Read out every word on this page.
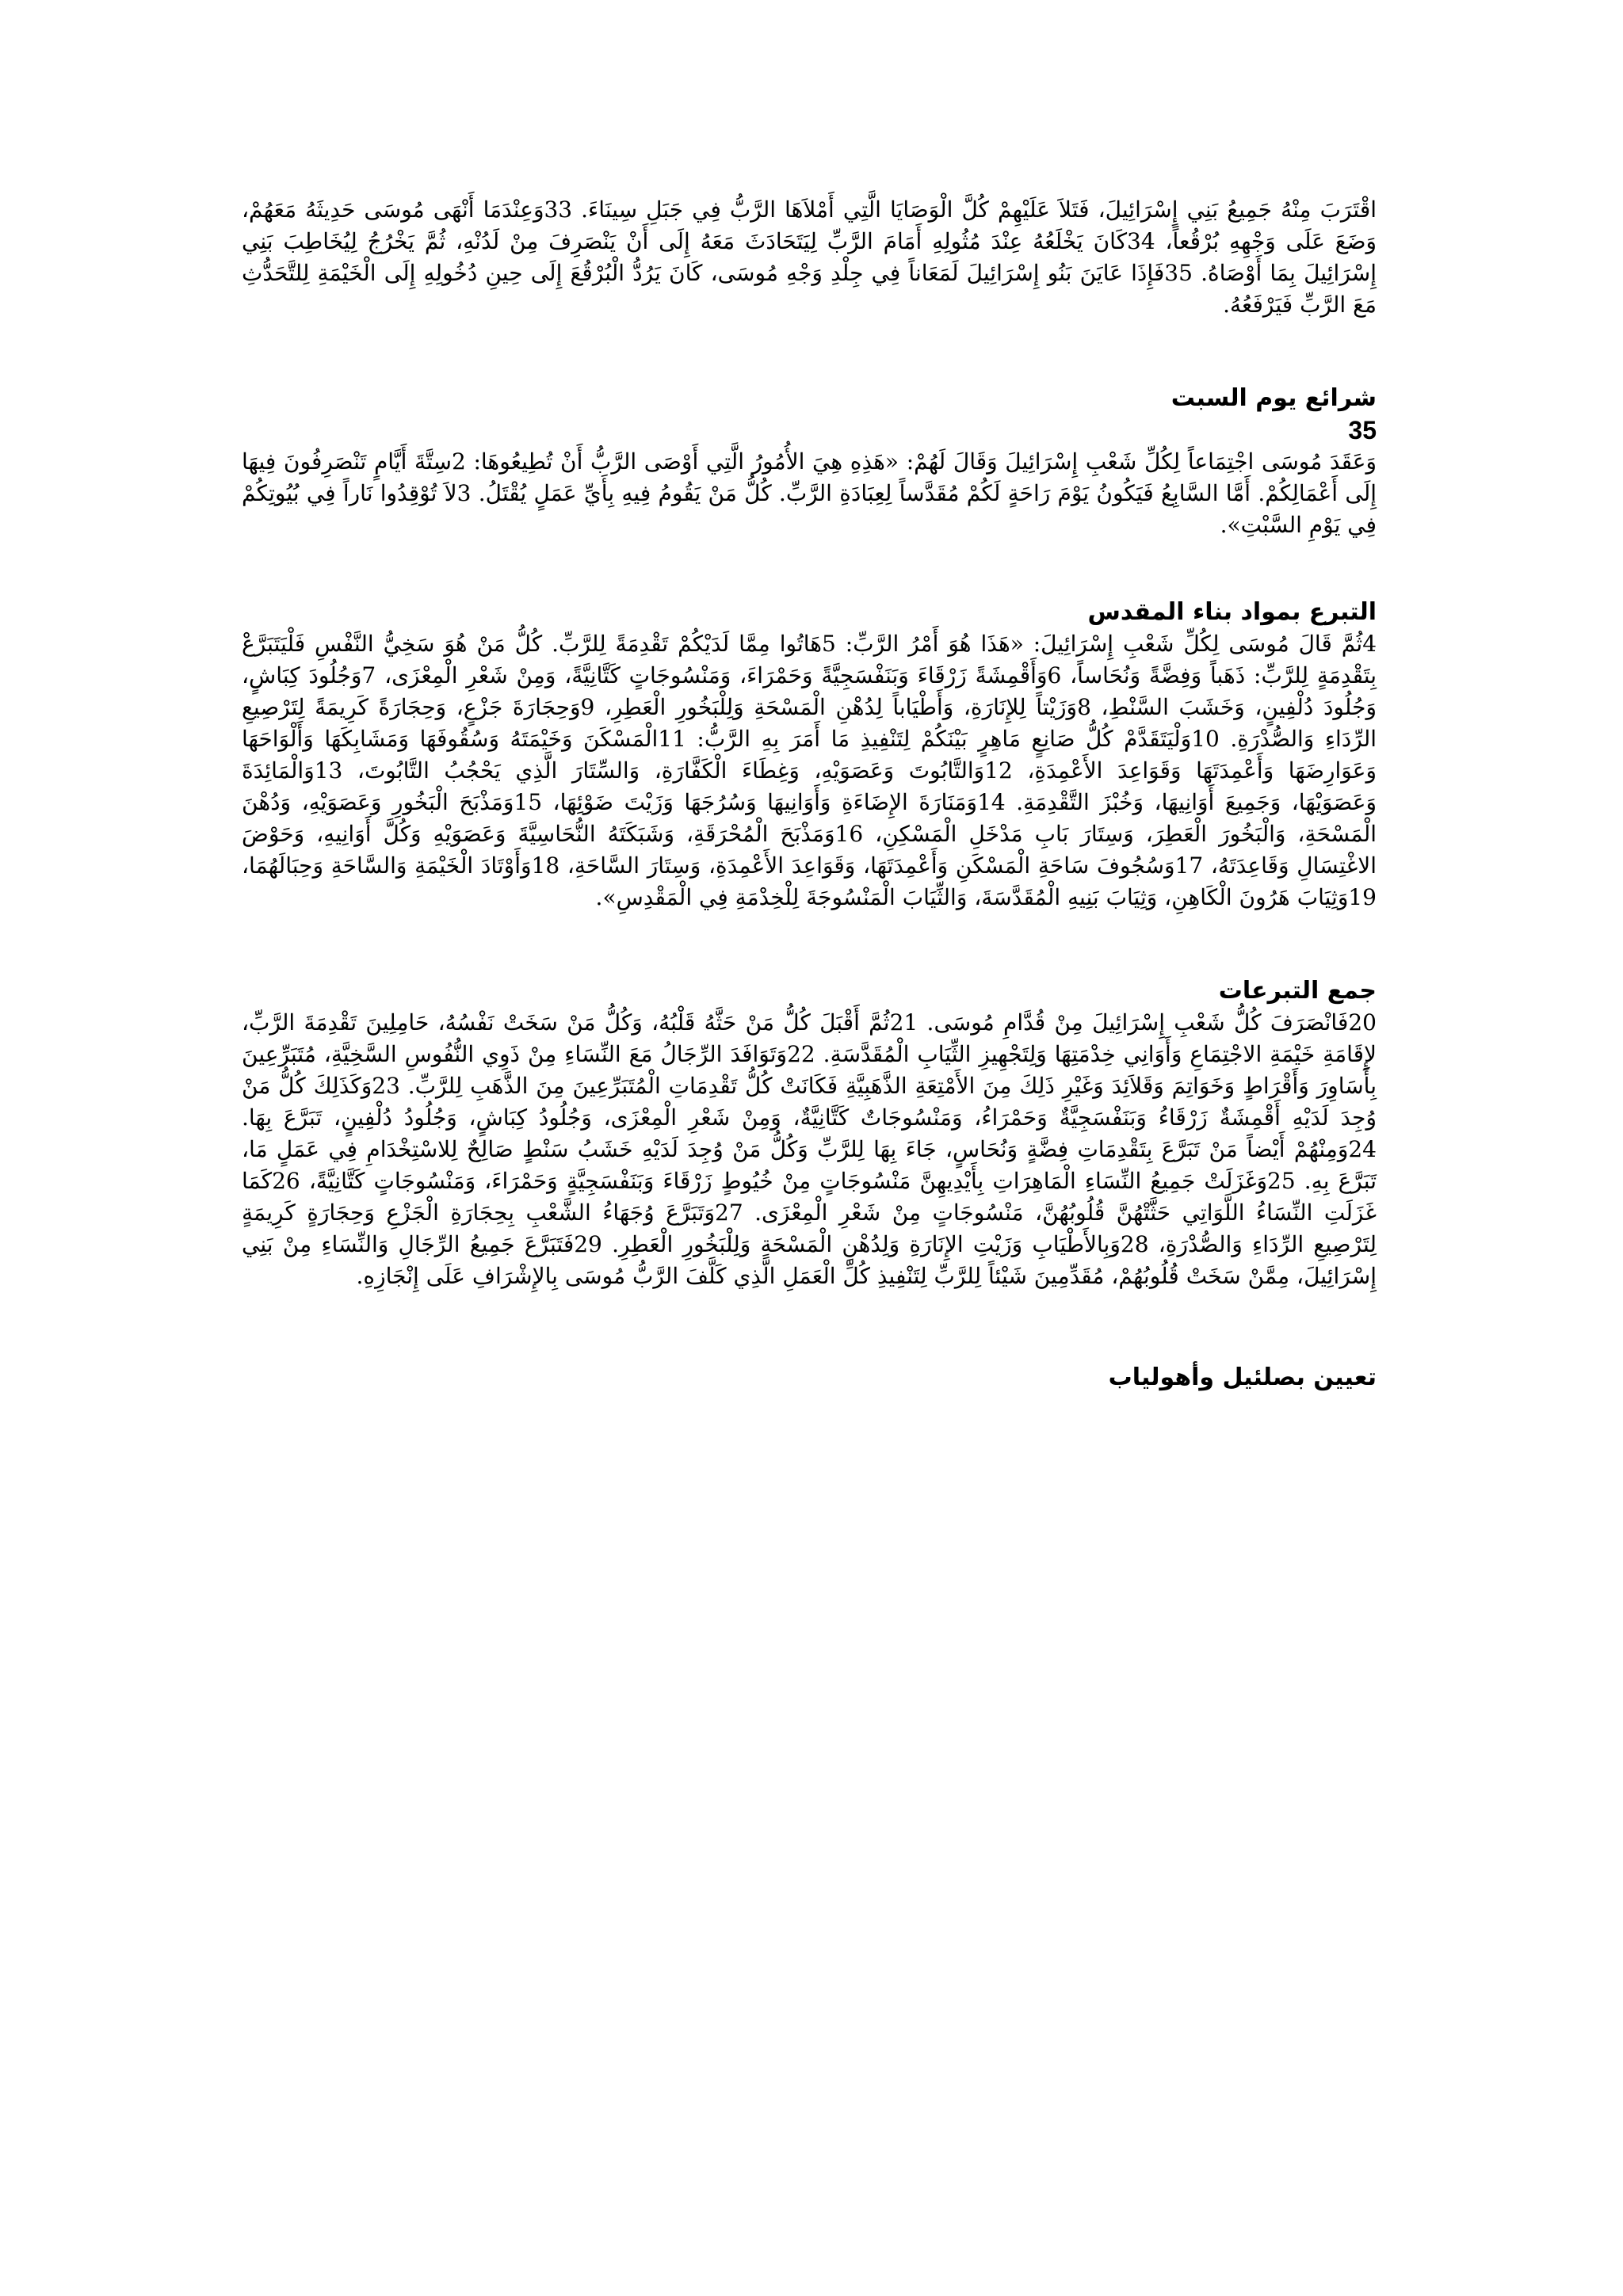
اقْتَرَبَ مِنْهُ جَمِيعُ بَنِي إِسْرَائِيلَ، فَتَلاَ عَلَيْهِمْ كُلَّ الْوَصَايَا الَّتِي أَمْلاَهَا الرَّبُّ فِي جَبَلِ سِينَاءَ. 33وَعِنْدَمَا أَنْهَى مُوسَى حَدِيثَهُ مَعَهُمْ، وَضَعَ عَلَى وَجْهِهِ بُرْقُعاً، 34كَانَ يَخْلَعُهُ عِنْدَ مُثُولِهِ أَمَامَ الرَّبِّ لِيَتَحَادَثَ مَعَهُ إِلَى أَنْ يَنْصَرِفَ مِنْ لَدُنْهِ، ثُمَّ يَخْرُجُ لِيُخَاطِبَ بَنِي إِسْرَائِيلَ بِمَا أَوْصَاهُ. 35فَإِذَا عَايَنَ بَنُو إِسْرَائِيلَ لَمَعَاناً فِي جِلْدِ وَجْهِ مُوسَى، كَانَ يَرُدُّ الْبُرْقُعَ إِلَى حِينِ دُخُولِهِ إِلَى الْخَيْمَةِ لِلتَّحَدُّثِ مَعَ الرَّبِّ فَيَرْفَعُهُ.

شرائع يوم السبت
35

وَعَقَدَ مُوسَى اجْتِمَاعاً لِكُلِّ شَعْبِ إِسْرَائِيلَ وَقَالَ لَهُمْ: «هَذِهِ هِيَ الأُمُورُ الَّتِي أَوْصَى الرَّبُّ أَنْ تُطِيعُوهَا: 2سِتَّةَ أَيَّامٍ تَنْصَرِفُونَ فِيهَا إِلَى أَعْمَالِكُمْ. أَمَّا السَّابِعُ فَيَكُونُ يَوْمَ رَاحَةٍ لَكُمْ مُقَدَّساً لِعِبَادَةِ الرَّبِّ. كُلُّ مَنْ يَقُومُ فِيهِ بِأَيِّ عَمَلٍ يُقْتَلُ. 3لاَ تُوْقِدُوا نَاراً فِي بُيُوتِكُمْ فِي يَوْمِ السَّبْتِ».

التبرع بمواد بناء المقدس

4ثُمَّ قَالَ مُوسَى لِكُلِّ شَعْبِ إِسْرَائِيلَ: «هَذَا هُوَ أَمْرُ الرَّبِّ: 5هَاتُوا مِمَّا لَدَيْكُمْ تَقْدِمَةً لِلرَّبِّ. كُلُّ مَنْ هُوَ سَخِيُّ النَّفْسِ فَلْيَتَبَرَّعْ بِتَقْدِمَةٍ لِلرَّبِّ: ذَهَباً وَفِضَّةً وَنُحَاساً، 6وَأَقْمِشَةً زَرْقَاءَ وَبَنَفْسَجِيَّةً وَحَمْرَاءَ، وَمَنْسُوجَاتٍ كَتَّانِيَّةً، وَمِنْ شَعْرِ الْمِعْزَى، 7وَجُلُودَ كِبَاشٍ، وَجُلُودَ دُلْفِينٍ، وَخَشَبَ السَّنْطِ، 8وَزَيْتاً لِلإِنَارَةِ، وَأَطْيَاباً لِدُهْنِ الْمَسْحَةِ وَلِلْبَخُورِ الْعَطِرِ، 9وَحِجَارَةَ جَزْعٍ، وَحِجَارَةً كَرِيمَةً لِتَرْصِيعِ الرِّدَاءِ وَالصُّدْرَةِ. 10وَلْيَتَقَدَّمْ كُلُّ صَانِعٍ مَاهِرٍ بَيْنَكُمْ لِتَنْفِيذِ مَا أَمَرَ بِهِ الرَّبُّ: 11الْمَسْكَنَ وَخَيْمَتَهُ وَسُقُوفَهَا وَمَشَابِكَهَا وَأَلْوَاحَهَا وَعَوَارِضَهَا وَأَعْمِدَتَهَا وَقَوَاعِدَ الأَعْمِدَةِ، 12وَالتَّابُوتَ وَعَصَوَيْهِ، وَغِطَاءَ الْكَفَّارَةِ، وَالسِّتَارَ الَّذِي يَحْجُبُ التَّابُوتَ، 13وَالْمَائِدَةَ وَعَصَوَيْهَا، وَجَمِيعَ أَوَانِيهَا، وَخُبْزَ التَّقْدِمَةِ. 14وَمَنَارَةَ الإِضَاءَةِ وَأَوَانِيهَا وَسُرُجَهَا وَزَيْتَ ضَوْئِهَا، 15وَمَذْبَحَ الْبَخُورِ وَعَصَوَيْهِ، وَدُهْنَ الْمَسْحَةِ، وَالْبَخُورَ الْعَطِرَ، وَسِتَارَ بَابِ مَدْخَلِ الْمَسْكِنِ، 16وَمَذْبَحَ الْمُحْرَقَةِ، وَشَبَكَتَهُ النُّحَاسِيَّةَ وَعَصَوَيْهِ وَكُلَّ أَوَانِيهِ، وَحَوْضَ الاغْتِسَالِ وَقَاعِدَتَهُ، 17وَسُجُوفَ سَاحَةِ الْمَسْكَنِ وَأَعْمِدَتَهَا، وَقَوَاعِدَ الأَعْمِدَةِ، وَسِتَارَ السَّاحَةِ، 18وَأَوْتَادَ الْخَيْمَةِ وَالسَّاحَةِ وَحِبَالَهُمَا، 19وَثِيَابَ هَرُونَ الْكَاهِنِ، وَثِيَابَ بَنِيهِ الْمُقَدَّسَةَ، وَالثِّيَابَ الْمَنْسُوجَةَ لِلْخِدْمَةِ فِي الْمَقْدِسِ».

جمع التبرعات

20فَانْصَرَفَ كُلُّ شَعْبِ إِسْرَائِيلَ مِنْ قُدَّامِ مُوسَى. 21ثُمَّ أَقْبَلَ كُلُّ مَنْ حَثَّهُ قَلْبُهُ، وَكُلُّ مَنْ سَخَتْ نَفْسُهُ، حَامِلِينَ تَقْدِمَةَ الرَّبِّ، لإِقَامَةِ خَيْمَةِ الاجْتِمَاعِ وَأَوَانِي خِدْمَتِهَا وَلِتَجْهِيزِ الثِّيَابِ الْمُقَدَّسَةِ. 22وَتَوَافَدَ الرِّجَالُ مَعَ النِّسَاءِ مِنْ ذَوِي النُّفُوسِ السَّخِيَّةِ، مُتَبَرِّعِينَ بِأَسَاوِرَ وَأَقْرَاطٍ وَخَوَاتِمَ وَقَلاَئِدَ وَغَيْرِ ذَلِكَ مِنَ الأَمْتِعَةِ الذَّهَبِيَّةِ فَكَانَتْ كُلُّ تَقْدِمَاتِ الْمُتَبَرِّعِينَ مِنَ الذَّهَبِ لِلرَّبِّ. 23وَكَذَلِكَ كُلُّ مَنْ وُجِدَ لَدَيْهِ أَقْمِشَةٌ زَرْقَاءُ وَبَنَفْسَجِيَّةٌ وَحَمْرَاءُ، وَمَنْسُوجَاتٌ كَتَّانِيَّةٌ، وَمِنْ شَعْرِ الْمِعْزَى، وَجُلُودُ كِبَاشٍ، وَجُلُودُ دُلْفِينٍ، تَبَرَّعَ بِهَا. 24وَمِنْهُمْ أَيْضاً مَنْ تَبَرَّعَ بِتَقْدِمَاتِ فِضَّةٍ وَنُحَاسٍ، جَاءَ بِهَا لِلرَّبِّ وَكُلُّ مَنْ وُجِدَ لَدَيْهِ خَشَبُ سَنْطٍ صَالِحٌ لِلاسْتِخْدَامِ فِي عَمَلٍ مَا، تَبَرَّعَ بِهِ. 25وَغَزَلَتْ جَمِيعُ النِّسَاءِ الْمَاهِرَاتِ بِأَيْدِيهِنَّ مَنْسُوجَاتٍ مِنْ خُيُوطٍ زَرْقَاءَ وَبَنَفْسَجِيَّةٍ وَحَمْرَاءَ، وَمَنْسُوجَاتٍ كَتَّانِيَّةً، 26كَمَا غَزَلَتِ النِّسَاءُ اللَّوَاتِي حَثَّتْهُنَّ قُلُوبُهُنَّ، مَنْسُوجَاتٍ مِنْ شَعْرِ الْمِعْزَى. 27وَتَبَرَّعَ وُجَهَاءُ الشَّعْبِ بِحِجَارَةِ الْجَزْعِ وَحِجَارَةٍ كَرِيمَةٍ لِتَرْصِيعِ الرِّدَاءِ وَالصُّدْرَةِ، 28وَبِالأَطْيَابِ وَزَيْتِ الإِنَارَةِ وَلِدُهْنِ الْمَسْحَةِ وَلِلْبَخُورِ الْعَطِرِ. 29فَتَبَرَّعَ جَمِيعُ الرِّجَالِ وَالنِّسَاءِ مِنْ بَنِي إِسْرَائِيلَ، مِمَّنْ سَخَتْ قُلُوبُهُمْ، مُقَدِّمِينَ شَيْئاً لِلرَّبِّ لِتَنْفِيذِ كُلِّ الْعَمَلِ الَّذِي كَلَّفَ الرَّبُّ مُوسَى بِالإِشْرَافِ عَلَى إِنْجَازِهِ.

تعيين بصلئيل وأهولياب
